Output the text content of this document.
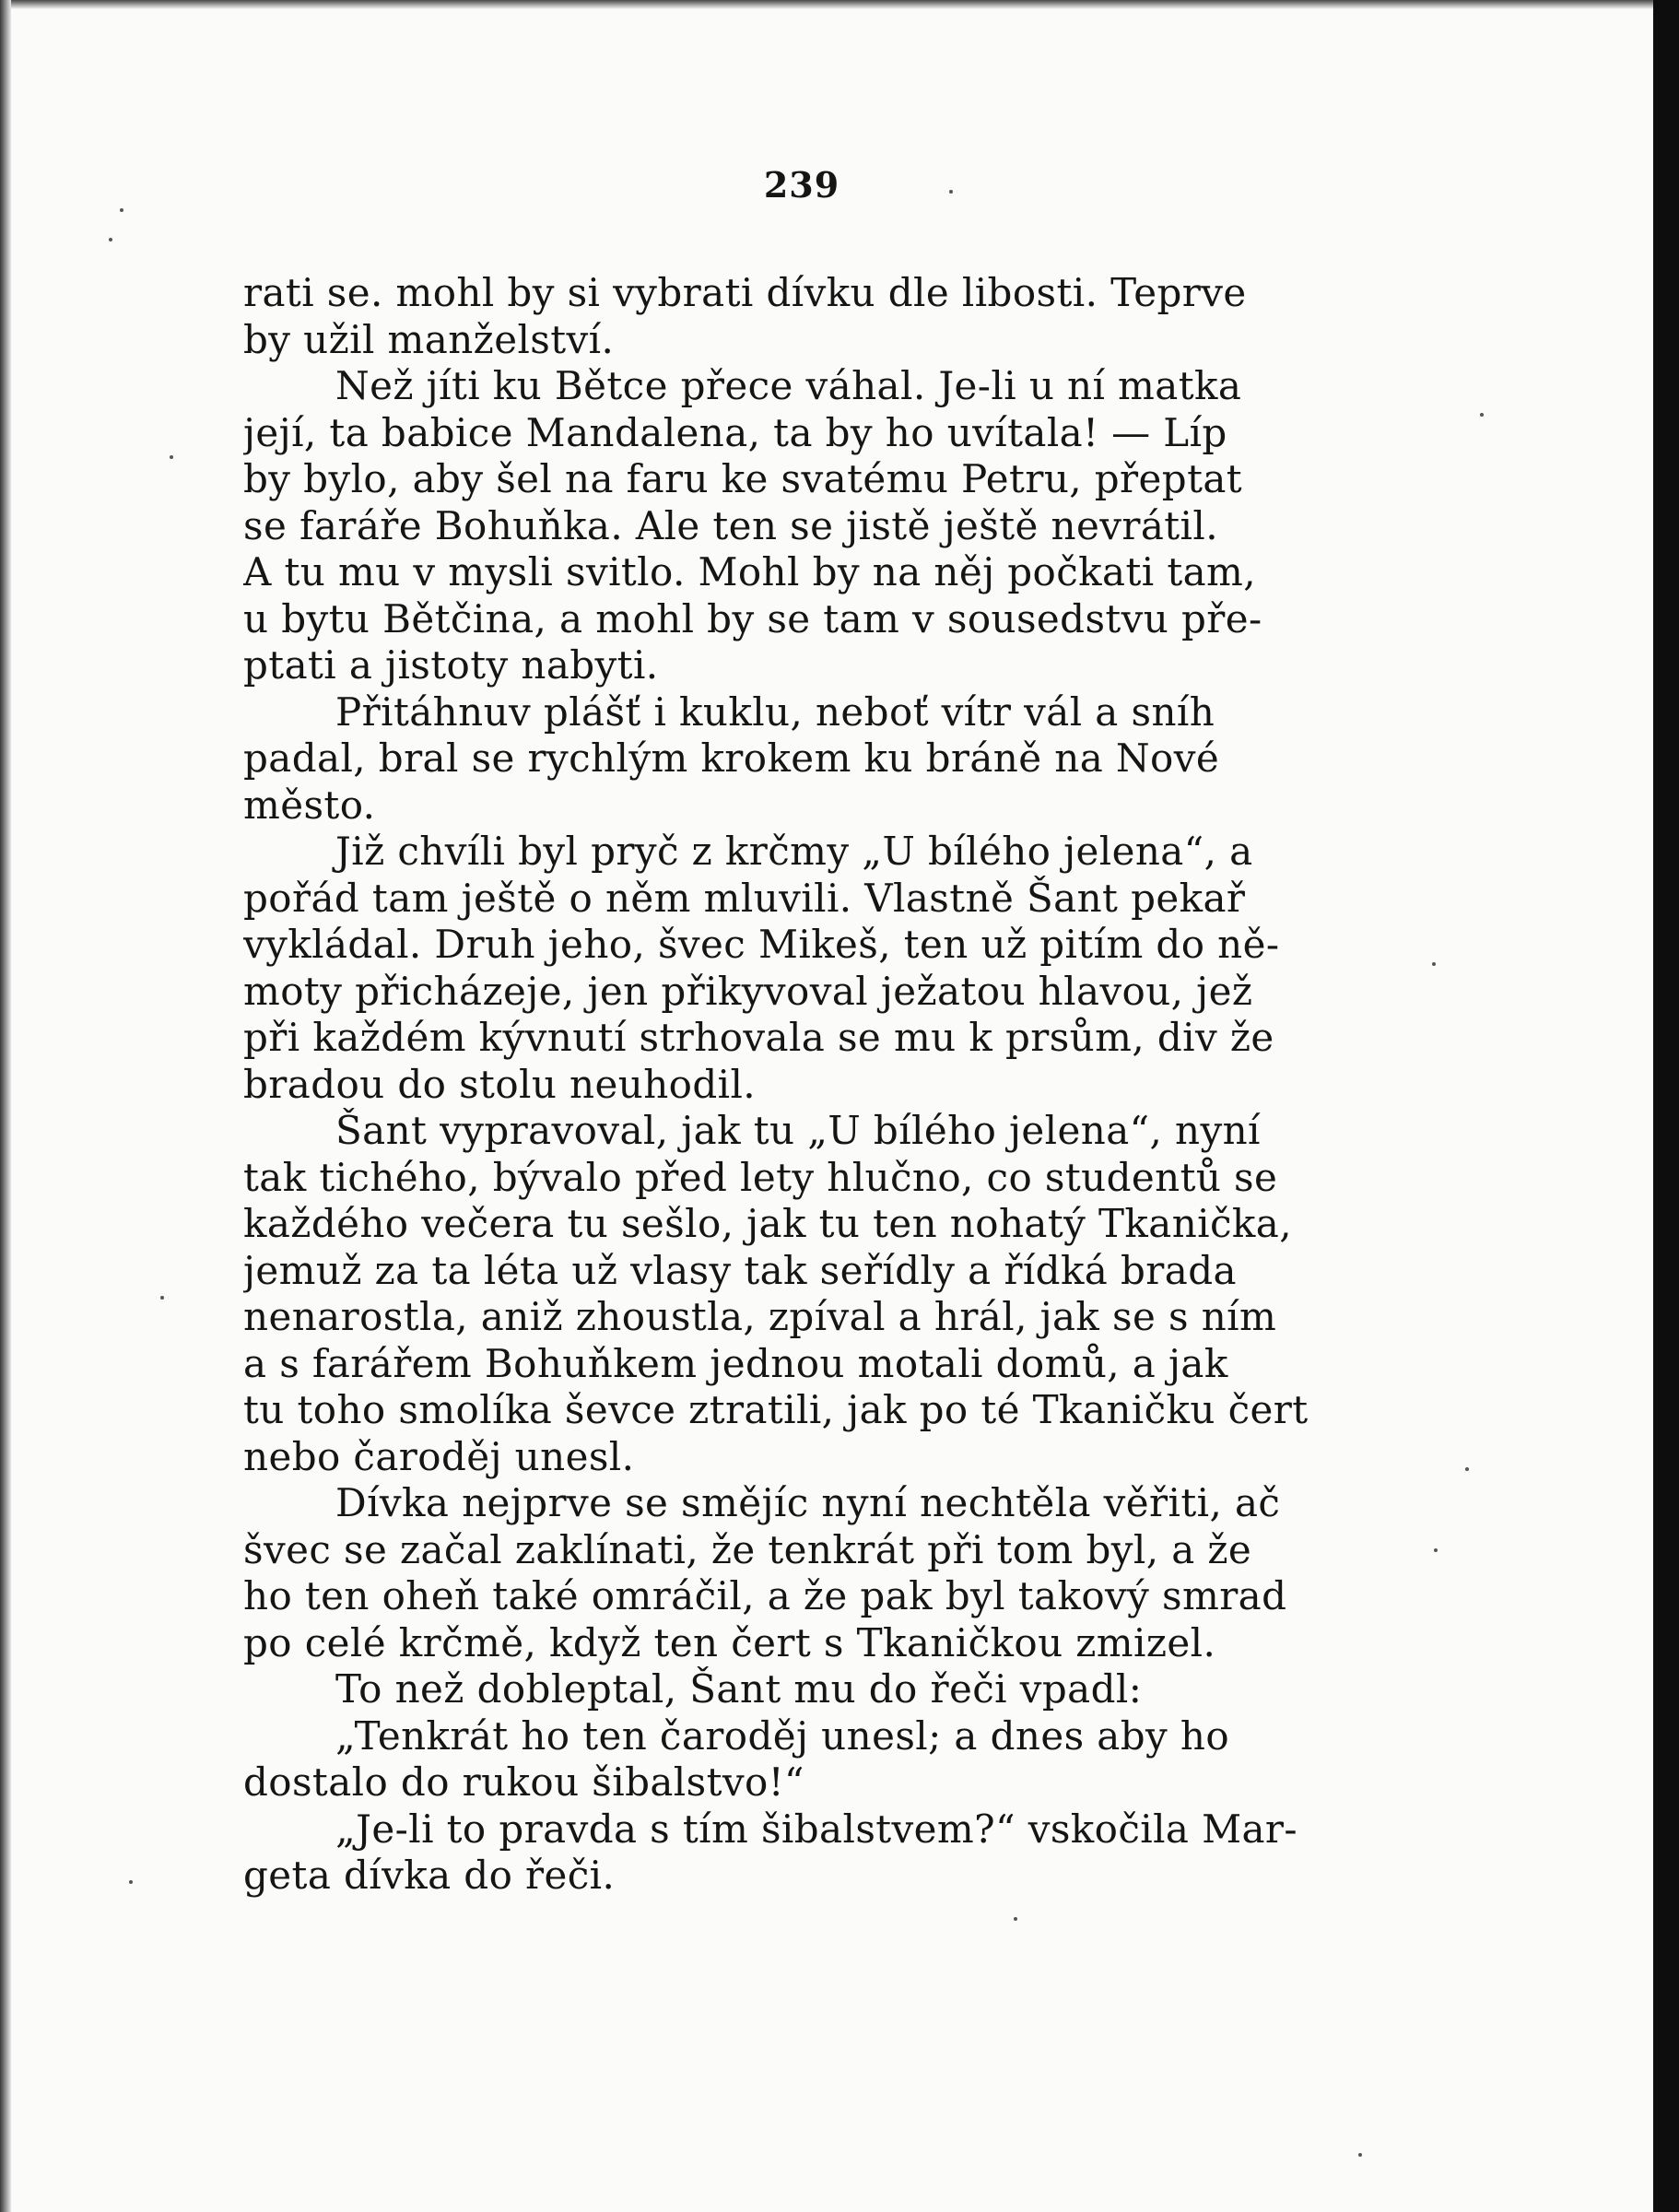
239
rati se. mohl by si vybrati dívku dle libosti. Teprve
by užil manželství.
Než jíti ku Bětce přece váhal. Je-li u ní matka
její, ta babice Mandalena, ta by ho uvítala! — Líp
by bylo, aby šel na faru ke svatému Petru, přeptat
se faráře Bohuňka. Ale ten se jistě ještě nevrátil.
A tu mu v mysli svitlo. Mohl by na něj počkati tam,
u bytu Bětčina, a mohl by se tam v sousedstvu pře-
ptati a jistoty nabyti.
Přitáhnuv plášť i kuklu, neboť vítr vál a sníh
padal, bral se rychlým krokem ku bráně na Nové
město.
Již chvíli byl pryč z krčmy „U bílého jelena“, a
pořád tam ještě o něm mluvili. Vlastně Šant pekař
vykládal. Druh jeho, švec Mikeš, ten už pitím do ně-
moty přicházeje, jen přikyvoval ježatou hlavou, jež
při každém kývnutí strhovala se mu k prsům, div že
bradou do stolu neuhodil.
Šant vypravoval, jak tu „U bílého jelena“, nyní
tak tichého, bývalo před lety hlučno, co studentů se
každého večera tu sešlo, jak tu ten nohatý Tkanička,
jemuž za ta léta už vlasy tak seřídly a řídká brada
nenarostla, aniž zhoustla, zpíval a hrál, jak se s ním
a s farářem Bohuňkem jednou motali domů, a jak
tu toho smolíka ševce ztratili, jak po té Tkaničku čert
nebo čaroděj unesl.
Dívka nejprve se smějíc nyní nechtěla věřiti, ač
švec se začal zaklínati, že tenkrát při tom byl, a že
ho ten oheň také omráčil, a že pak byl takový smrad
po celé krčmě, když ten čert s Tkaničkou zmizel.
To než dobleptal, Šant mu do řeči vpadl:
„Tenkrát ho ten čaroděj unesl; a dnes aby ho
dostalo do rukou šibalstvo!“
„Je-li to pravda s tím šibalstvem?“ vskočila Mar-
geta dívka do řeči.
